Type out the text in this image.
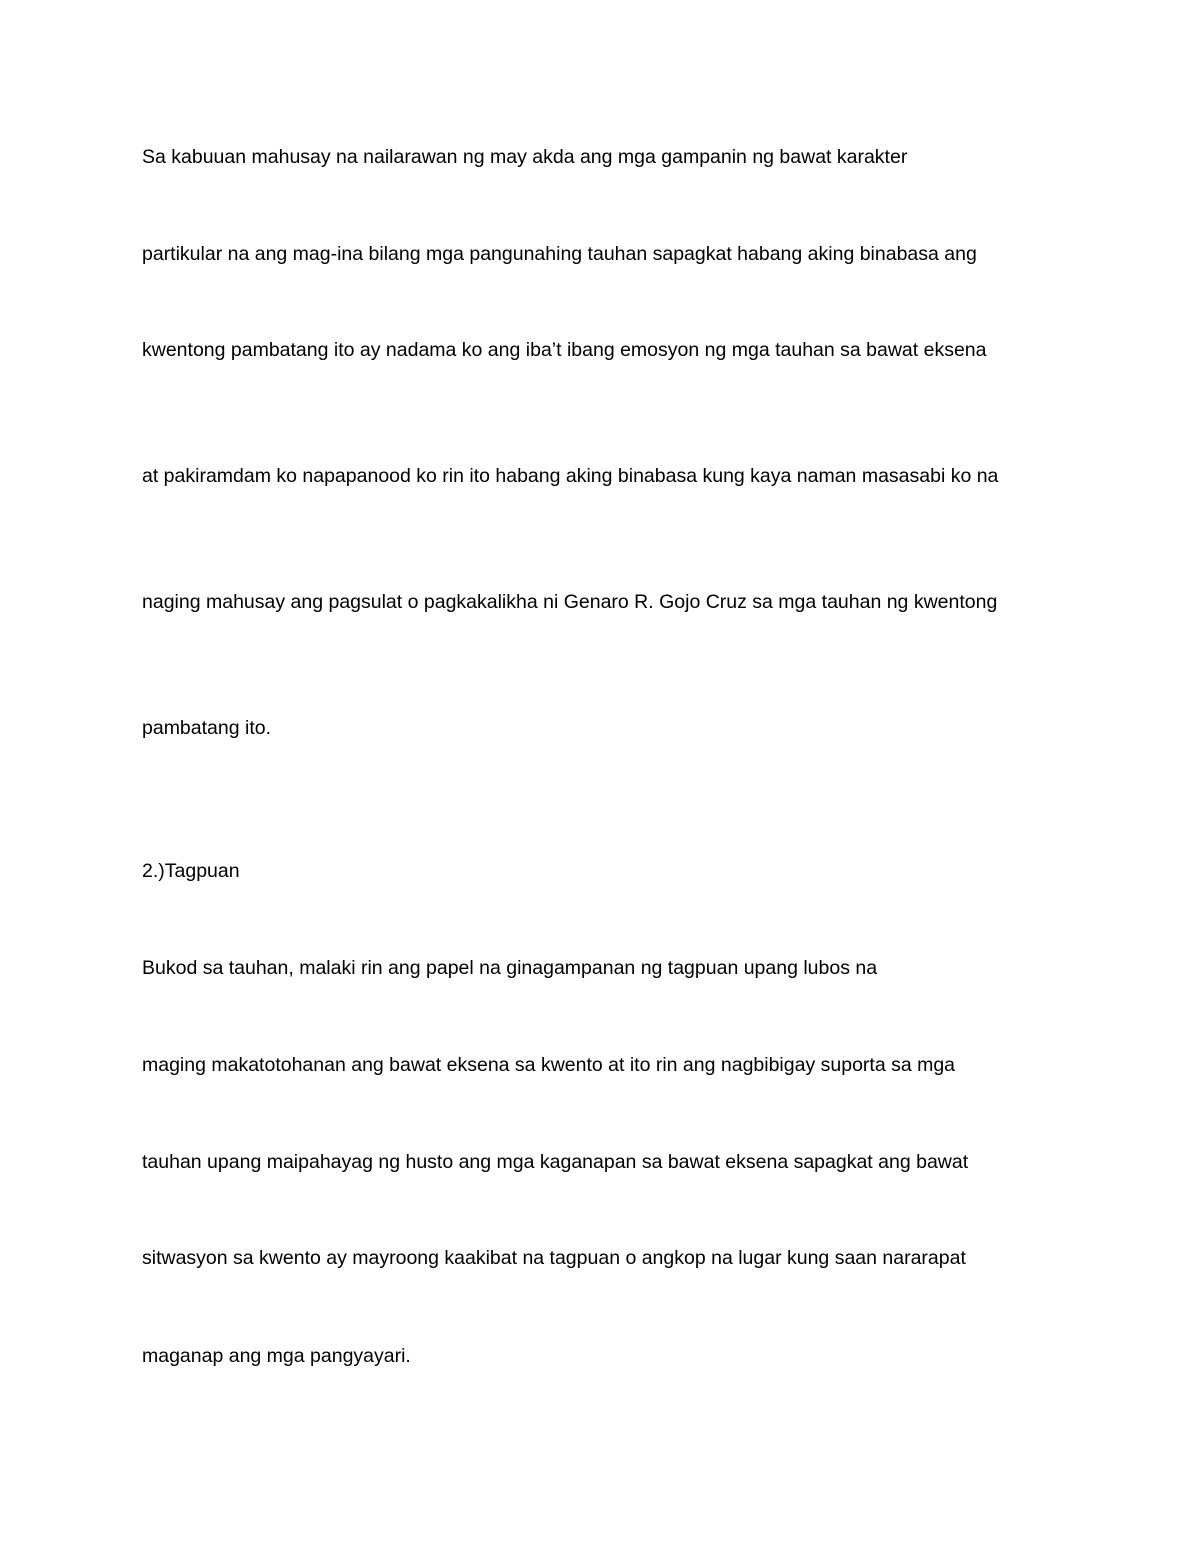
Sa kabuuan mahusay na nailarawan ng may akda ang mga gampanin ng bawat karakter

partikular na ang mag-ina bilang mga pangunahing tauhan sapagkat habang aking binabasa ang

kwentong pambatang ito ay nadama ko ang iba’t ibang emosyon ng mga tauhan sa bawat eksena

at pakiramdam ko napapanood ko rin ito habang aking binabasa kung kaya naman masasabi ko na

naging mahusay ang pagsulat o pagkakalikha ni Genaro R. Gojo Cruz sa mga tauhan ng kwentong

pambatang ito.

2.)Tagpuan

Bukod sa tauhan, malaki rin ang papel na ginagampanan ng tagpuan upang lubos na

maging makatotohanan ang bawat eksena sa kwento at ito rin ang nagbibigay suporta sa mga

tauhan upang maipahayag ng husto ang mga kaganapan sa bawat eksena sapagkat ang bawat

sitwasyon sa kwento ay mayroong kaakibat na tagpuan o angkop na lugar kung saan nararapat

maganap ang mga pangyayari.
